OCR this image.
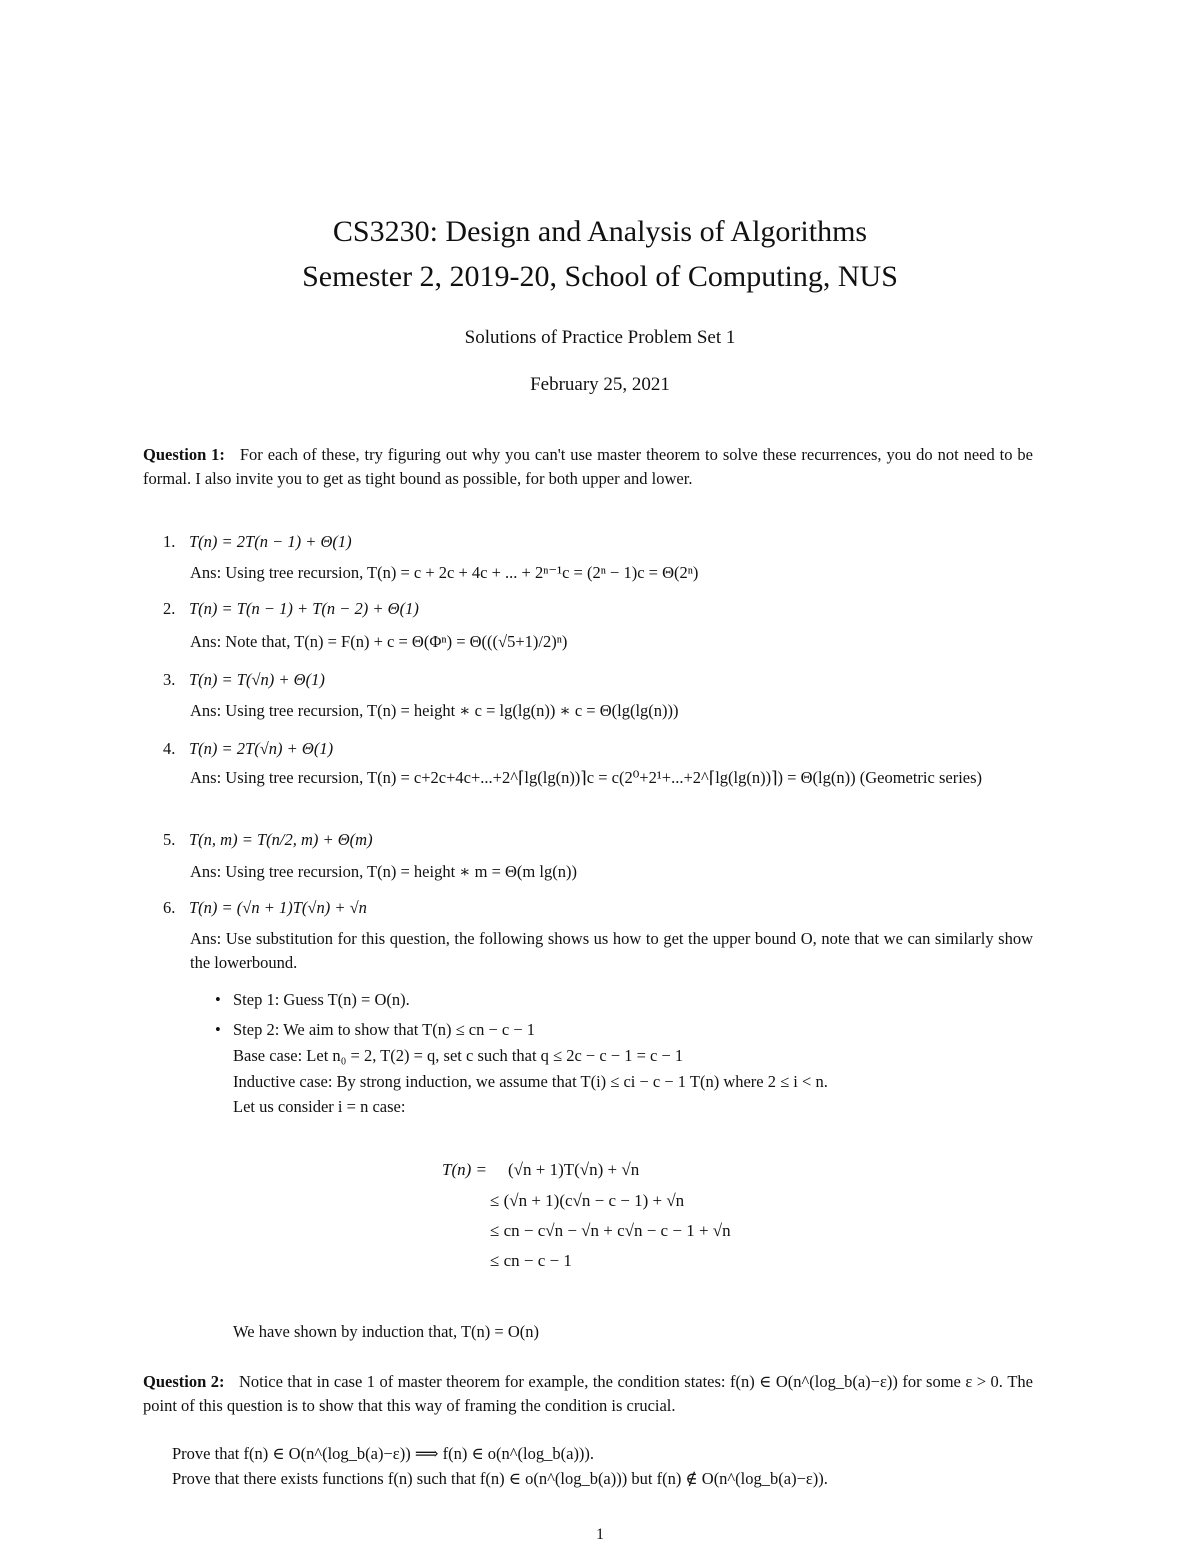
CS3230: Design and Analysis of Algorithms
Semester 2, 2019-20, School of Computing, NUS
Solutions of Practice Problem Set 1
February 25, 2021
Question 1: For each of these, try figuring out why you can't use master theorem to solve these recurrences, you do not need to be formal. I also invite you to get as tight bound as possible, for both upper and lower.
1. T(n) = 2T(n − 1) + Θ(1)
Ans: Using tree recursion, T(n) = c + 2c + 4c + ... + 2ⁿ⁻¹c = (2ⁿ − 1)c = Θ(2ⁿ)
2. T(n) = T(n − 1) + T(n − 2) + Θ(1)
Ans: Note that, T(n) = F(n) + c = Θ(Φⁿ) = Θ(((√5+1)/2)ⁿ)
3. T(n) = T(√n) + Θ(1)
Ans: Using tree recursion, T(n) = height ∗ c = lg(lg(n)) ∗ c = Θ(lg(lg(n)))
4. T(n) = 2T(√n) + Θ(1)
Ans: Using tree recursion, T(n) = c+2c+4c+...+2^⌈lg(lg(n))⌉c = c(2⁰+2¹+...+2^⌈lg(lg(n))⌉) = Θ(lg(n)) (Geometric series)
5. T(n, m) = T(n/2, m) + Θ(m)
Ans: Using tree recursion, T(n) = height ∗ m = Θ(m lg(n))
6. T(n) = (√n + 1)T(√n) + √n
Ans: Use substitution for this question, the following shows us how to get the upper bound O, note that we can similarly show the lowerbound.
• Step 1: Guess T(n) = O(n).
• Step 2: We aim to show that T(n) ≤ cn − c − 1
Base case: Let n₀ = 2, T(2) = q, set c such that q ≤ 2c − c − 1 = c − 1
Inductive case: By strong induction, we assume that T(i) ≤ ci − c − 1 T(n) where 2 ≤ i < n.
Let us consider i = n case:
T(n) = (√n + 1)T(√n) + √n
≤ (√n + 1)(c√n − c − 1) + √n
≤ cn − c√n − √n + c√n − c − 1 + √n
≤ cn − c − 1
We have shown by induction that, T(n) = O(n)
Question 2: Notice that in case 1 of master theorem for example, the condition states: f(n) ∈ O(n^(log_b(a)−ε)) for some ε > 0. The point of this question is to show that this way of framing the condition is crucial.
Prove that f(n) ∈ O(n^(log_b(a)−ε)) ⟹ f(n) ∈ o(n^(log_b(a))).
Prove that there exists functions f(n) such that f(n) ∈ o(n^(log_b(a))) but f(n) ∉ O(n^(log_b(a)−ε)).
1
